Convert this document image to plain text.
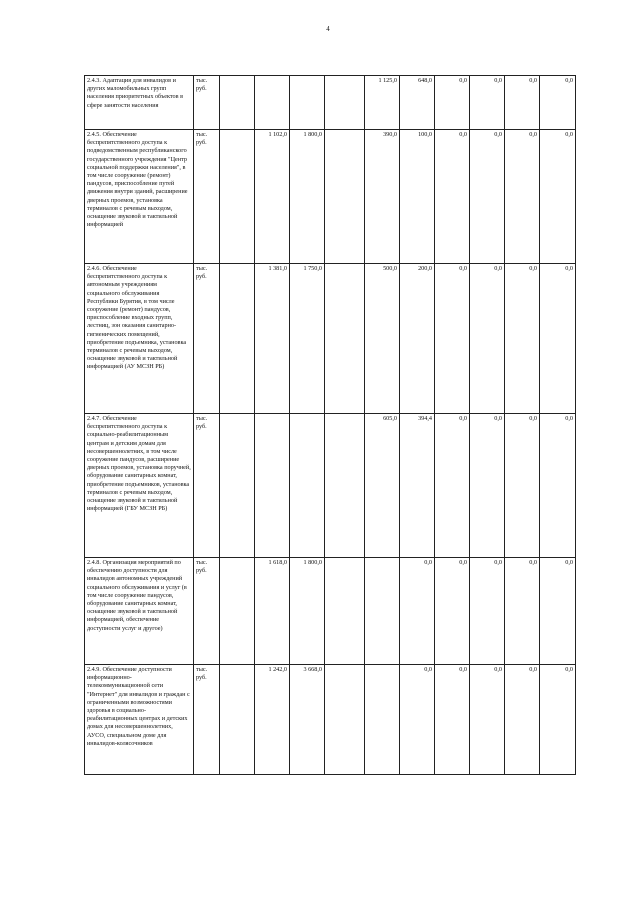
4
2.4.3. Адаптация для инвалидов и других маломобильных групп населения приоритетных объектов в сфере занятости населения	тыс. руб.					1 125,0	648,0	0,0	0,0	0,0	0,0
2.4.5. Обеспечение беспрепятственного доступа к подведомственным республиканского государственного учреждения "Центр социальной поддержки населения", в том числе сооружение (ремонт) пандусов, приспособление путей движения внутри зданий, расширение дверных проемов, установка терминалов с речевым выходом, оснащение звуковой и тактильной информацией	тыс. руб.		1 102,0	1 800,0		390,0	100,0	0,0	0,0	0,0	0,0
2.4.6. Обеспечение беспрепятственного доступа к автономным учреждениям социального обслуживания Республики Бурятия, в том числе сооружение (ремонт) пандусов, приспособление входных групп, лестниц, зон оказания санитарно-гигиенических помещений, приобретение подъемника, установка терминалов с речевым выходом, оснащение звуковой и тактильной информацией (АУ МСЗН РБ)	тыс. руб.		1 381,0	1 750,0		500,0	200,0	0,0	0,0	0,0	0,0
2.4.7. Обеспечение беспрепятственного доступа к социально-реабилитационным центрам и детским домам для несовершеннолетних, в том числе сооружение пандусов, расширение дверных проемов, установка поручней, оборудование санитарных комнат, приобретение подъемников, установка терминалов с речевым выходом, оснащение звуковой и тактильной информацией (ГБУ МСЗН РБ)	тыс. руб.					605,0	394,4	0,0	0,0	0,0	0,0
2.4.8. Организация мероприятий по обеспечению доступности для инвалидов автономных учреждений социального обслуживания и услуг (в том числе сооружение пандусов, оборудование санитарных комнат, оснащение звуковой и тактильной информацией, обеспечение доступности услуг и другое)	тыс. руб.		1 618,0	1 800,0			0,0	0,0	0,0	0,0	0,0
2.4.9. Обеспечение доступности информационно-телекоммуникационной сети "Интернет" для инвалидов и граждан с ограниченными возможностями здоровья в социально-реабилитационных центрах и детских домах для несовершеннолетних, АУСО, специальном доме для инвалидов-колясочников	тыс. руб.		1 242,0	3 668,0			0,0	0,0	0,0	0,0	0,0
